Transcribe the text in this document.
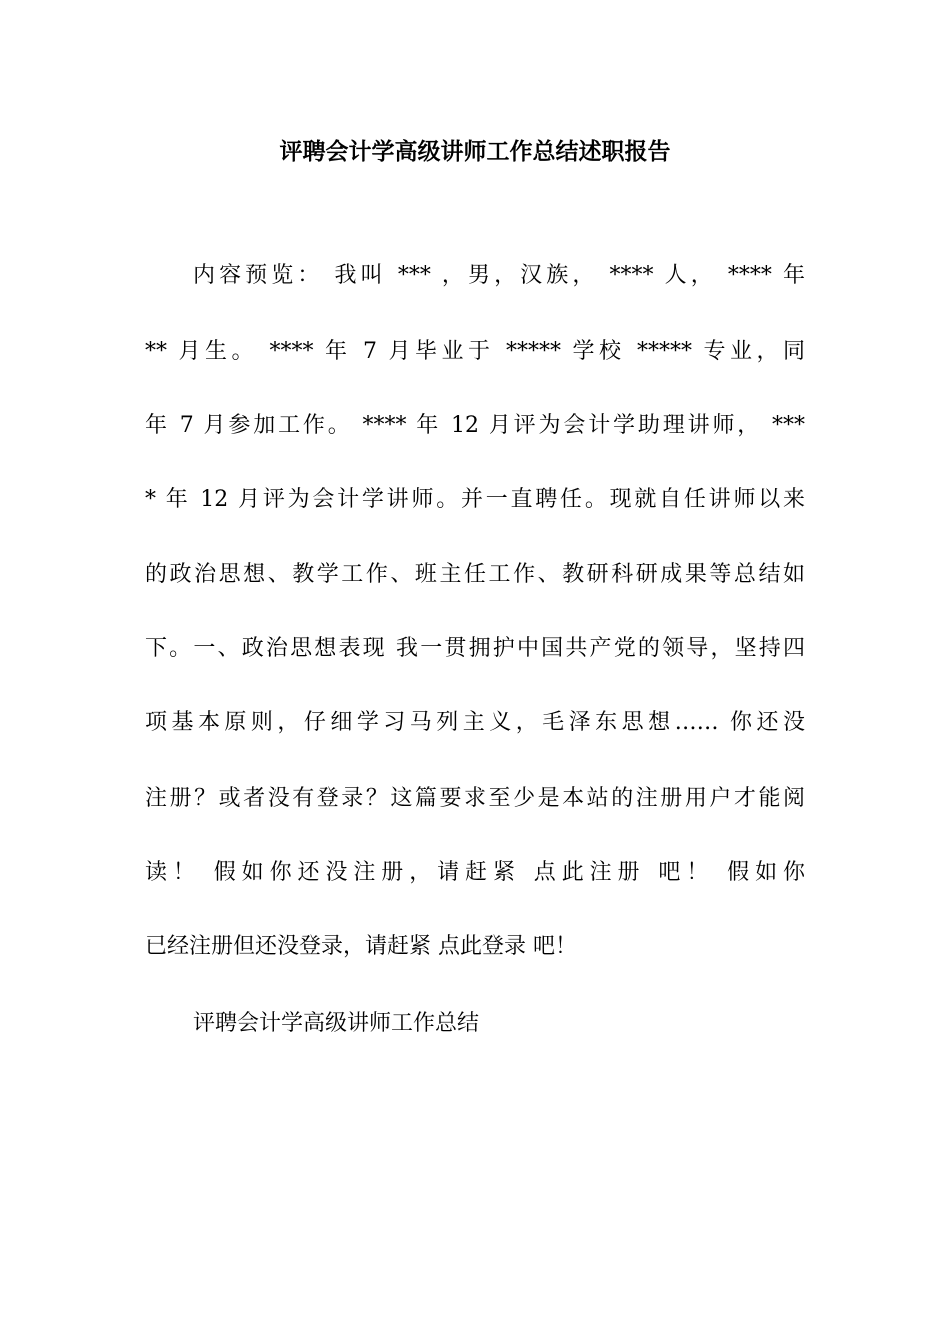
评聘会计学高级讲师工作总结述职报告
内容预览： 我叫 *** ，男，汉族， **** 人， **** 年
** 月生。 **** 年 7 月毕业于 ***** 学校 ***** 专业，同
年 7 月参加工作。 **** 年 12 月评为会计学助理讲师， ***
* 年 12 月评为会计学讲师。并一直聘任。现就自任讲师以来
的政治思想、教学工作、班主任工作、教研科研成果等总结如
下。一、政治思想表现 我一贯拥护中国共产党的领导，坚持四
项基本原则，仔细学习马列主义，毛泽东思想…… 你还没
注册？或者没有登录？这篇要求至少是本站的注册用户才能阅
读！ 假如你还没注册，请赶紧 点此注册 吧！ 假如你
已经注册但还没登录，请赶紧 点此登录 吧！
评聘会计学高级讲师工作总结
